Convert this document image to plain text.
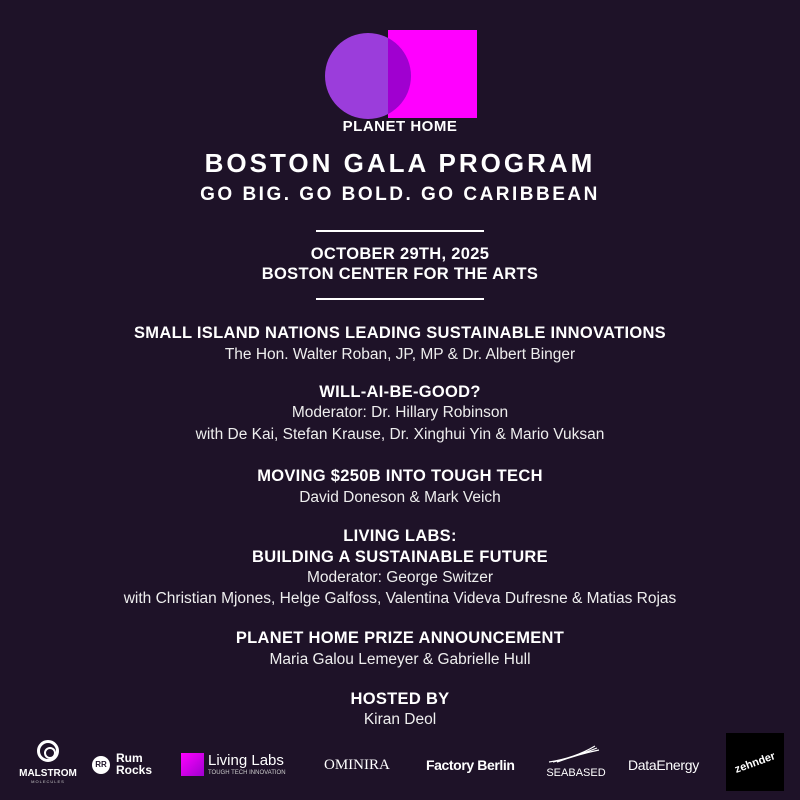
PLANET HOME
BOSTON GALA PROGRAM
GO BIG. GO BOLD. GO CARIBBEAN
OCTOBER 29TH, 2025
BOSTON CENTER FOR THE ARTS
SMALL ISLAND NATIONS LEADING SUSTAINABLE INNOVATIONS
The Hon. Walter Roban, JP, MP & Dr. Albert Binger
WILL-AI-BE-GOOD?
Moderator: Dr. Hillary Robinson
with De Kai, Stefan Krause, Dr. Xinghui Yin & Mario Vuksan
MOVING $250B INTO TOUGH TECH
David Doneson & Mark Veich
LIVING LABS:
BUILDING A SUSTAINABLE FUTURE
Moderator: George Switzer
with Christian Mjones, Helge Galfoss, Valentina Videva Dufresne & Matias Rojas
PLANET HOME PRIZE ANNOUNCEMENT
Maria Galou Lemeyer & Gabrielle Hull
HOSTED BY
Kiran Deol
MALSTROM
MOLECULES
RR Rum
Rocks
Living Labs
TOUGH TECH INNOVATION	OMINIRA	Factory Berlin	SEABASED DataEnergy	zehnder
